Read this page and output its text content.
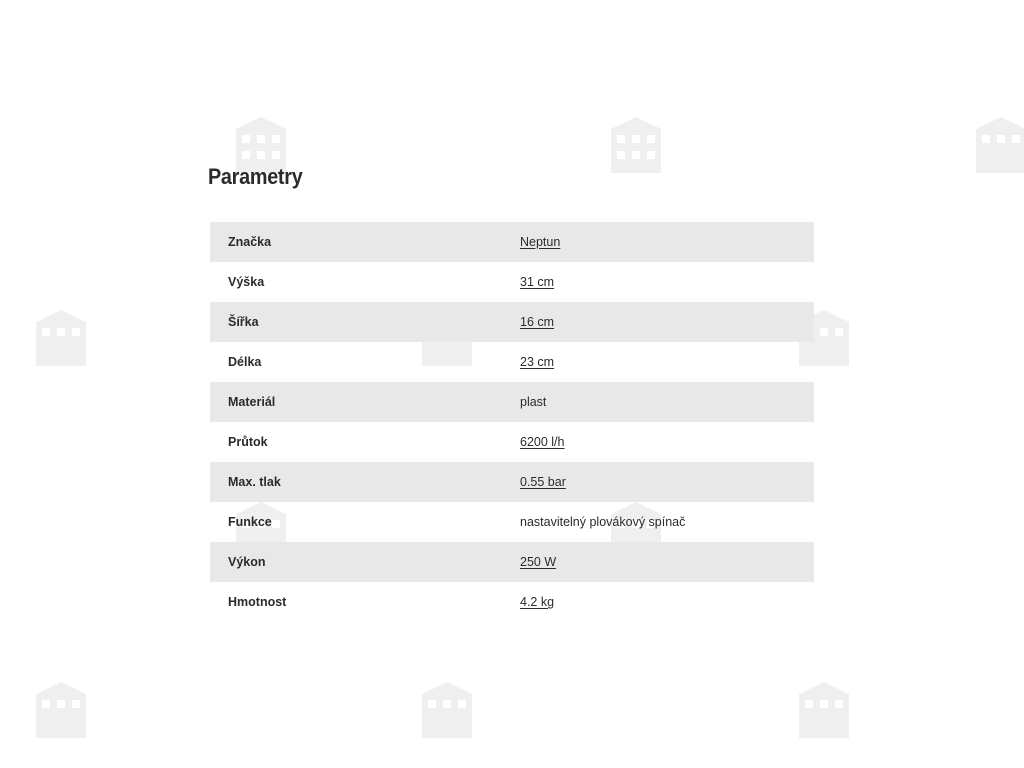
Parametry
Značka	Neptun
Výška	31 cm
Šířka	16 cm
Délka	23 cm
Materiál	plast
Průtok	6200 l/h
Max. tlak	0.55 bar
Funkce	nastavitelný plovákový spínač
Výkon	250 W
Hmotnost	4.2 kg
